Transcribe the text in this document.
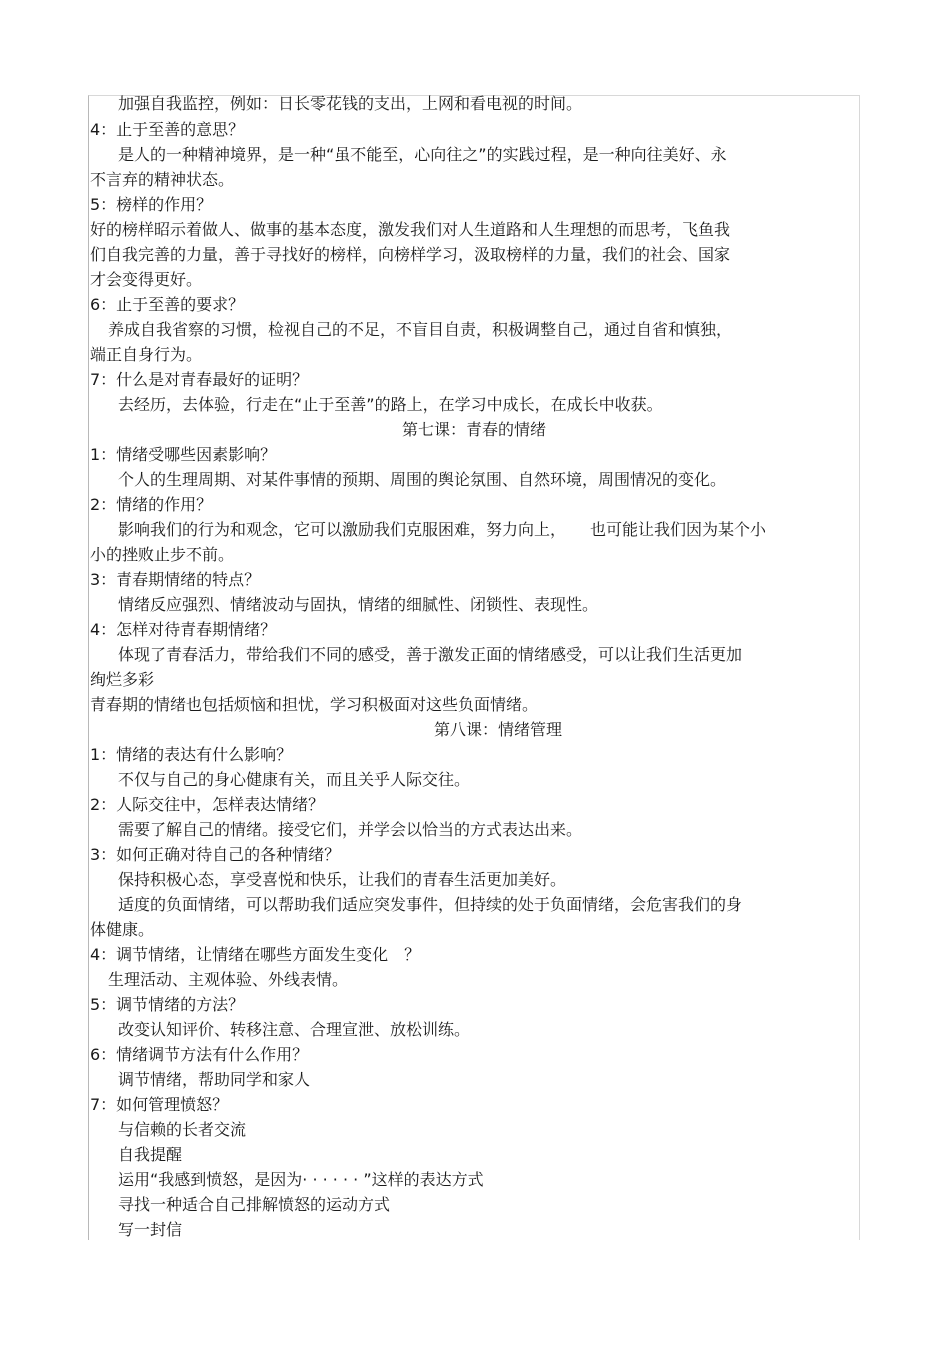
加强自我监控，例如：日长零花钱的支出，上网和看电视的时间。
4：止于至善的意思？
是人的一种精神境界，是一种“虽不能至，心向往之”的实践过程，是一种向往美好、永
不言弃的精神状态。
5：榜样的作用？
好的榜样昭示着做人、做事的基本态度，激发我们对人生道路和人生理想的而思考，飞鱼我
们自我完善的力量，善于寻找好的榜样，向榜样学习，汲取榜样的力量，我们的社会、国家
才会变得更好。
6：止于至善的要求？
养成自我省察的习惯，检视自己的不足，不盲目自责，积极调整自己，通过自省和慎独，
端正自身行为。
7：什么是对青春最好的证明？
去经历，去体验，行走在“止于至善”的路上，在学习中成长，在成长中收获。
第七课：青春的情绪
1：情绪受哪些因素影响？
个人的生理周期、对某件事情的预期、周围的舆论氛围、自然环境，周围情况的变化。
2：情绪的作用？
影响我们的行为和观念，它可以激励我们克服困难，努力向上，　　也可能让我们因为某个小
小的挫败止步不前。
3：青春期情绪的特点？
情绪反应强烈、情绪波动与固执，情绪的细腻性、闭锁性、表现性。
4：怎样对待青春期情绪？
体现了青春活力，带给我们不同的感受，善于激发正面的情绪感受，可以让我们生活更加
绚烂多彩
青春期的情绪也包括烦恼和担忧，学习积极面对这些负面情绪。
第八课：情绪管理
1：情绪的表达有什么影响？
不仅与自己的身心健康有关，而且关乎人际交往。
2：人际交往中，怎样表达情绪？
需要了解自己的情绪。接受它们，并学会以恰当的方式表达出来。
3：如何正确对待自己的各种情绪？
保持积极心态，享受喜悦和快乐，让我们的青春生活更加美好。
适度的负面情绪，可以帮助我们适应突发事件，但持续的处于负面情绪，会危害我们的身
体健康。
4：调节情绪，让情绪在哪些方面发生变化　？
生理活动、主观体验、外线表情。
5：调节情绪的方法？
改变认知评价、转移注意、合理宣泄、放松训练。
6：情绪调节方法有什么作用？
调节情绪，帮助同学和家人
7：如何管理愤怒？
与信赖的长者交流
自我提醒
运用“我感到愤怒，是因为· · · · · · ”这样的表达方式
寻找一种适合自己排解愤怒的运动方式
写一封信
